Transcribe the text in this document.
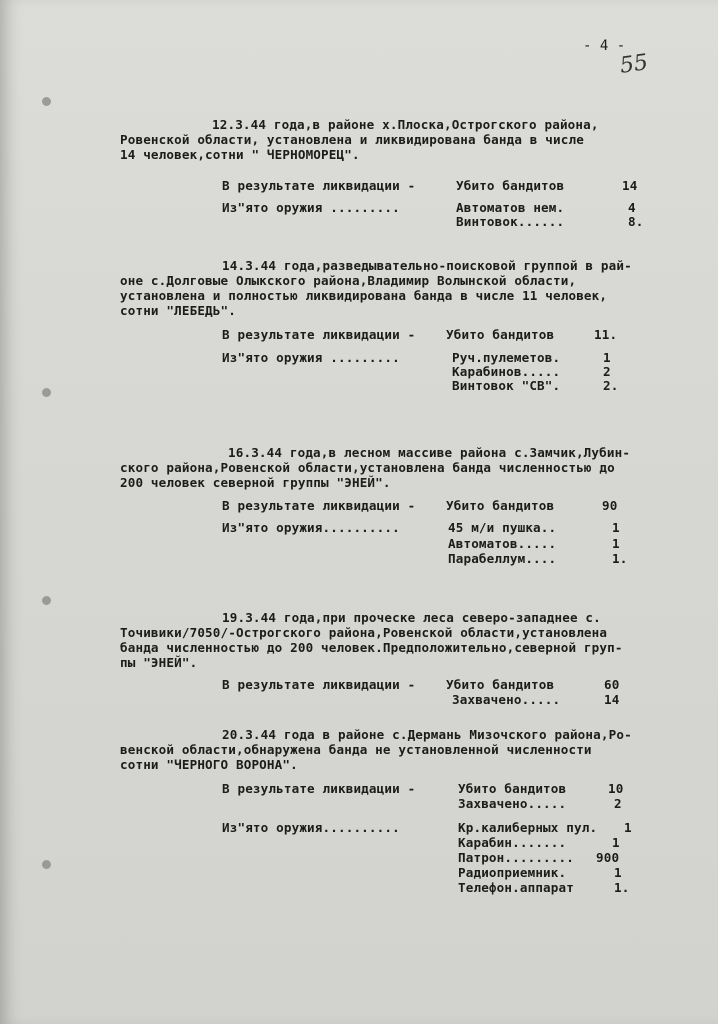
- 4 -
55
12.3.44 года,в районе х.Плоска,Острогского района,
Ровенской области, установлена и ликвидирована банда в числе
14 человек,сотни " ЧЕРНОМОРЕЦ".
В результате ликвидации -	Убито бандитов	14
Из"ято оружия .........	Автоматов нем.	4
Винтовок......	8.
14.3.44 года,разведывательно-поисковой группой в рай-
оне с.Долговые Олыкского района,Владимир Волынской области,
установлена и полностью ликвидирована банда в числе 11 человек,
сотни "ЛЕБЕДЬ".
В результате ликвидации - Убито бандитов	11.
Из"ято оружия .........	Руч.пулеметов.	1
Карабинов.....	2
Винтовок "СВ".	2.
16.3.44 года,в лесном массиве района с.Замчик,Лубин-
ского района,Ровенской области,установлена банда численностью до
200 человек северной группы "ЭНЕЙ".
В результате ликвидации - Убито бандитов	90
Из"ято оружия..........	45 м/и пушка..	1
Автоматов.....	1
Парабеллум....	1.
19.3.44 года,при проческе леса северо-западнее с.
Точивики/7050/-Острогского района,Ровенской области,установлена
банда численностью до 200 человек.Предположительно,северной груп-
пы "ЭНЕЙ".
В результате ликвидации - Убито бандитов	60
Захвачено.....	14
20.3.44 года в районе с.Дермань Мизочского района,Ро-
венской области,обнаружена банда не установленной численности
сотни "ЧЕРНОГО ВОРОНА".
В результате ликвидации -	Убито бандитов	10
Захвачено.....	2
Из"ято оружия..........	Кр.калиберных пул. 1
Карабин.......	1
Патрон......... 900
Радиоприемник.	1
Телефон.аппарат	1.
